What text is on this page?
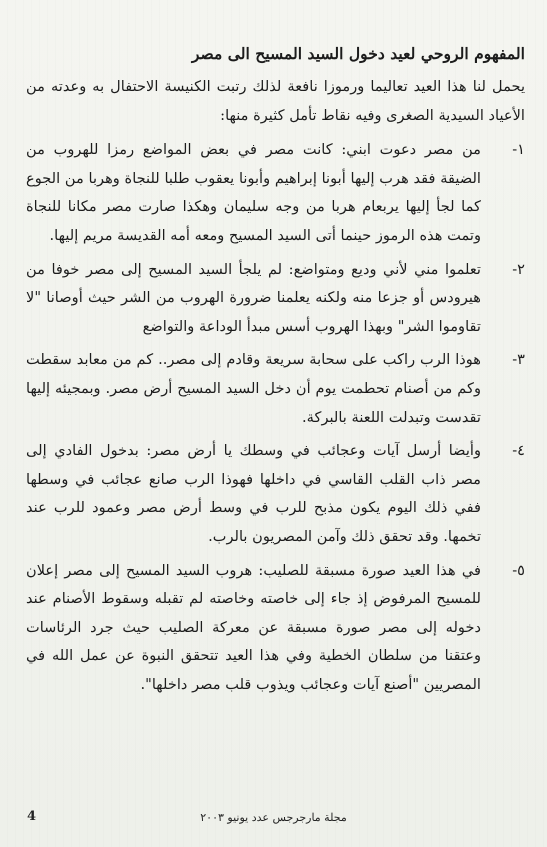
المفهوم الروحي لعيد دخول السيد المسيح الى مصر
يحمل لنا هذا العيد تعاليما ورموزا نافعة لذلك رتبت الكنيسة الاحتفال به وعدته من الأعياد السيدية الصغرى وفيه نقاط تأمل كثيرة منها:
١-
من مصر دعوت ابني: كانت مصر في بعض المواضع رمزا للهروب من الضيقة فقد هرب إليها أبونا إبراهيم وأبونا يعقوب طلبا للنجاة وهربا من الجوع كما لجأ إليها يربعام هربا من وجه سليمان وهكذا صارت مصر مكانا للنجاة وتمت هذه الرموز حينما أتى السيد المسيح ومعه أمه القديسة مريم إليها.
٢-
تعلموا مني لأني وديع ومتواضع: لم يلجأ السيد المسيح إلى مصر خوفا من هيرودس أو جزعا منه ولكنه يعلمنا ضرورة الهروب من الشر حيث أوصانا "لا تقاوموا الشر" وبهذا الهروب أسس مبدأ الوداعة والتواضع
٣-
هوذا الرب راكب على سحابة سريعة وقادم إلى مصر.. كم من معابد سقطت وكم من أصنام تحطمت يوم أن دخل السيد المسيح أرض مصر. وبمجيئه إليها تقدست وتبدلت اللعنة بالبركة.
٤-
وأيضا أرسل آيات وعجائب في وسطك يا أرض مصر: بدخول الفادي إلى مصر ذاب القلب القاسي في داخلها فهوذا الرب صانع عجائب في وسطها ففي ذلك اليوم يكون مذبح للرب في وسط أرض مصر وعمود للرب عند تخمها. وقد تحقق ذلك وآمن المصريون بالرب.
٥-
في هذا العيد صورة مسبقة للصليب: هروب السيد المسيح إلى مصر إعلان للمسيح المرفوض إذ جاء إلى خاصته وخاصته لم تقبله وسقوط الأصنام عند دخوله إلى مصر صورة مسبقة عن معركة الصليب حيث جرد الرئاسات وعتقنا من سلطان الخطية وفي هذا العيد تتحقق النبوة عن عمل الله في المصريين "أصنع آيات وعجائب ويذوب قلب مصر داخلها".
4	مجلة مارجرجس عدد يونيو ٢٠٠٣
